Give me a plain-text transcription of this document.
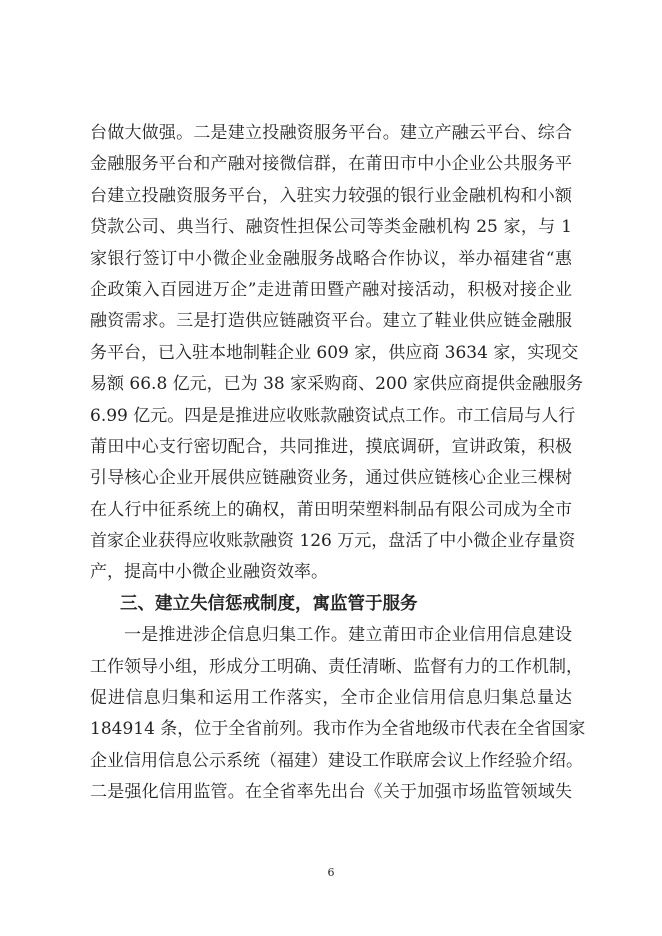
台做大做强。二是建立投融资服务平台。建立产融云平台、综合
金融服务平台和产融对接微信群，在莆田市中小企业公共服务平
台建立投融资服务平台，入驻实力较强的银行业金融机构和小额
贷款公司、典当行、融资性担保公司等类金融机构 25 家，与 1
家银行签订中小微企业金融服务战略合作协议，举办福建省“惠
企政策入百园进万企”走进莆田暨产融对接活动，积极对接企业
融资需求。三是打造供应链融资平台。建立了鞋业供应链金融服
务平台，已入驻本地制鞋企业 609 家，供应商 3634 家，实现交
易额 66.8 亿元，已为 38 家采购商、200 家供应商提供金融服务
6.99 亿元。四是是推进应收账款融资试点工作。市工信局与人行
莆田中心支行密切配合，共同推进，摸底调研，宣讲政策，积极
引导核心企业开展供应链融资业务，通过供应链核心企业三棵树
在人行中征系统上的确权，莆田明荣塑料制品有限公司成为全市
首家企业获得应收账款融资 126 万元，盘活了中小微企业存量资
产，提高中小微企业融资效率。
三、建立失信惩戒制度，寓监管于服务
一是推进涉企信息归集工作。建立莆田市企业信用信息建设
工作领导小组，形成分工明确、责任清晰、监督有力的工作机制，
促进信息归集和运用工作落实，全市企业信用信息归集总量达
184914 条，位于全省前列。我市作为全省地级市代表在全省国家
企业信用信息公示系统（福建）建设工作联席会议上作经验介绍。
二是强化信用监管。在全省率先出台《关于加强市场监管领域失
6
